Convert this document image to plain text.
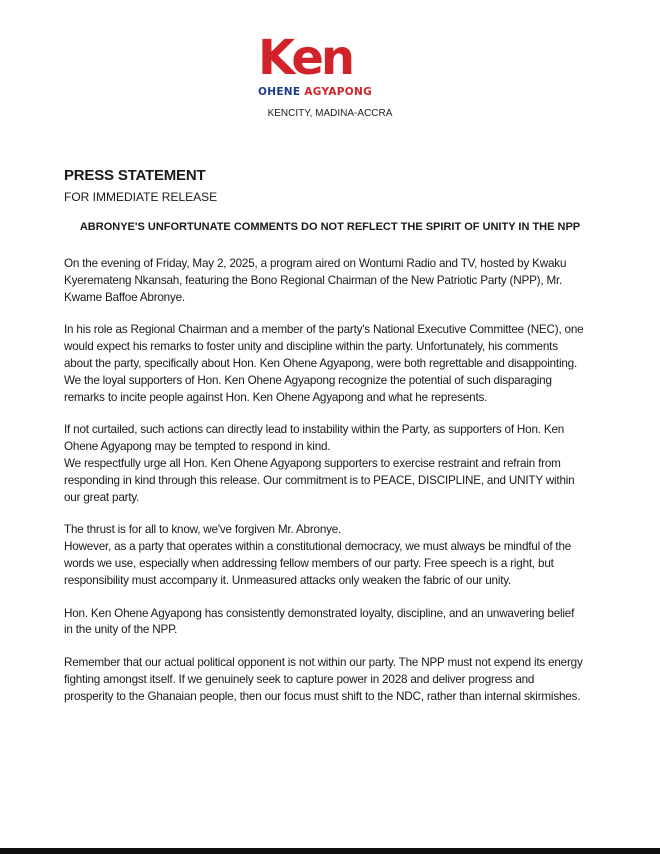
Ken
OHENE AGYAPONG
KENCITY, MADINA-ACCRA
PRESS STATEMENT
FOR IMMEDIATE RELEASE
ABRONYE'S UNFORTUNATE COMMENTS DO NOT REFLECT THE SPIRIT OF UNITY IN THE NPP

On the evening of Friday, May 2, 2025, a program aired on Wontumi Radio and TV, hosted by Kwaku Kyeremateng Nkansah, featuring the Bono Regional Chairman of the New Patriotic Party (NPP), Mr. Kwame Baffoe Abronye.

In his role as Regional Chairman and a member of the party's National Executive Committee (NEC), one would expect his remarks to foster unity and discipline within the party. Unfortunately, his comments about the party, specifically about Hon. Ken Ohene Agyapong, were both regrettable and disappointing.

We the loyal supporters of Hon. Ken Ohene Agyapong recognize the potential of such disparaging remarks to incite people against Hon. Ken Ohene Agyapong and what he represents.

If not curtailed, such actions can directly lead to instability within the Party, as supporters of Hon. Ken Ohene Agyapong may be tempted to respond in kind.

We respectfully urge all Hon. Ken Ohene Agyapong supporters to exercise restraint and refrain from responding in kind through this release. Our commitment is to PEACE, DISCIPLINE, and UNITY within our great party.

The thrust is for all to know, we've forgiven Mr. Abronye.

However, as a party that operates within a constitutional democracy, we must always be mindful of the words we use, especially when addressing fellow members of our party. Free speech is a right, but responsibility must accompany it. Unmeasured attacks only weaken the fabric of our unity.

Hon. Ken Ohene Agyapong has consistently demonstrated loyalty, discipline, and an unwavering belief in the unity of the NPP.

Remember that our actual political opponent is not within our party. The NPP must not expend its energy fighting amongst itself. If we genuinely seek to capture power in 2028 and deliver progress and prosperity to the Ghanaian people, then our focus must shift to the NDC, rather than internal skirmishes.
